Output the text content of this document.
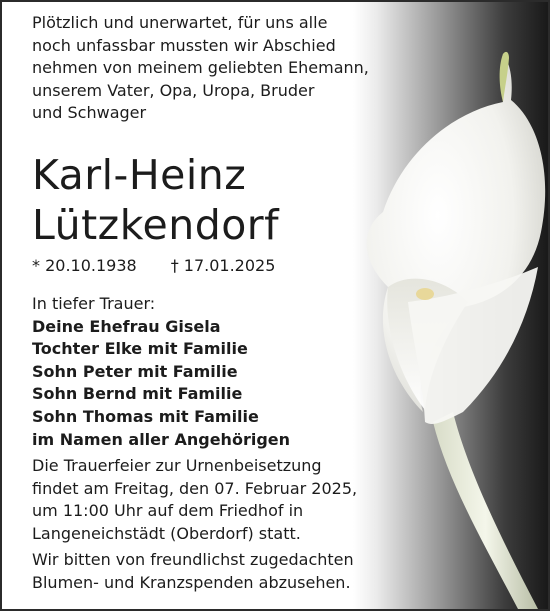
Plötzlich und unerwartet, für uns alle
noch unfassbar mussten wir Abschied
nehmen von meinem geliebten Ehemann,
unserem Vater, Opa, Uropa, Bruder
und Schwager
Karl-Heinz
Lützkendorf
* 20.10.1938 † 17.01.2025
In tiefer Trauer:
Deine Ehefrau Gisela
Tochter Elke mit Familie
Sohn Peter mit Familie
Sohn Bernd mit Familie
Sohn Thomas mit Familie
im Namen aller Angehörigen
Die Trauerfeier zur Urnenbeisetzung
findet am Freitag, den 07. Februar 2025,
um 11:00 Uhr auf dem Friedhof in
Langeneichstädt (Oberdorf) statt.
Wir bitten von freundlichst zugedachten
Blumen- und Kranzspenden abzusehen.
